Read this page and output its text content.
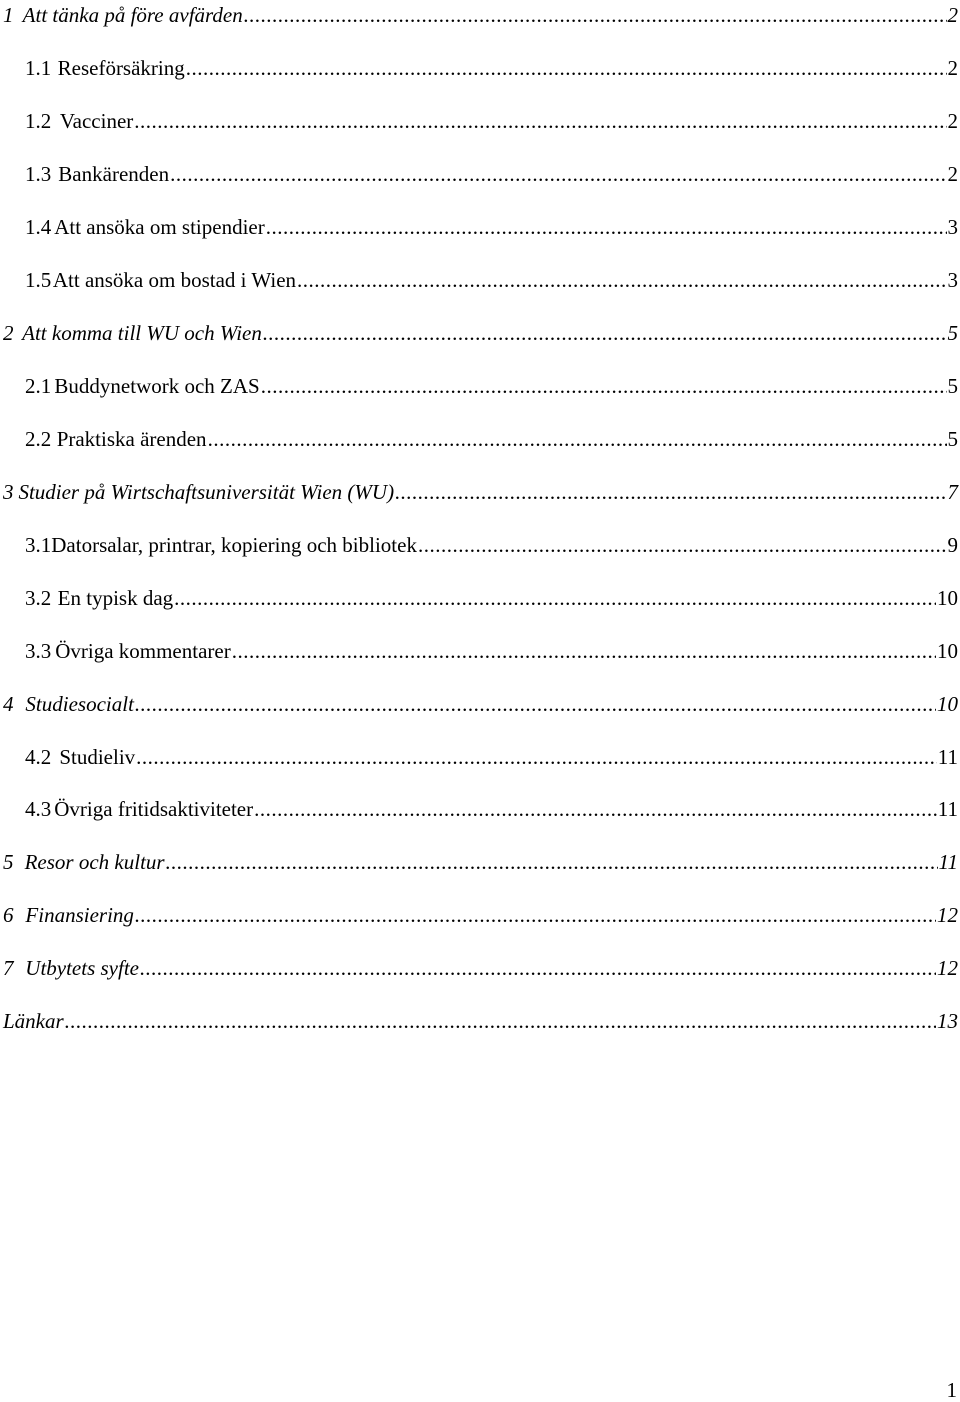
1 Att tänka på före avfärden .....	2
1.1 Reseförsäkring .....	2
1.2 Vacciner .....	2
1.3 Bankärenden .....	2
1.4 Att ansöka om stipendier .....	3
1.5 Att ansöka om bostad i Wien .....	3
2 Att komma till WU och Wien .....	5
2.1 Buddynetwork och ZAS .....	5
2.2 Praktiska ärenden .....	5
3 Studier på Wirtschaftsuniversität Wien (WU) .....	7
3.1 Datorsalar, printrar, kopiering och bibliotek .....	9
3.2 En typisk dag .....	10
3.3 Övriga kommentarer .....	10
4 Studiesocialt .....	10
4.2 Studieliv .....	11
4.3 Övriga fritidsaktiviteter .....	11
5 Resor och kultur .....	11
6 Finansiering .....	12
7 Utbytets syfte .....	12
Länkar .....	13
1
